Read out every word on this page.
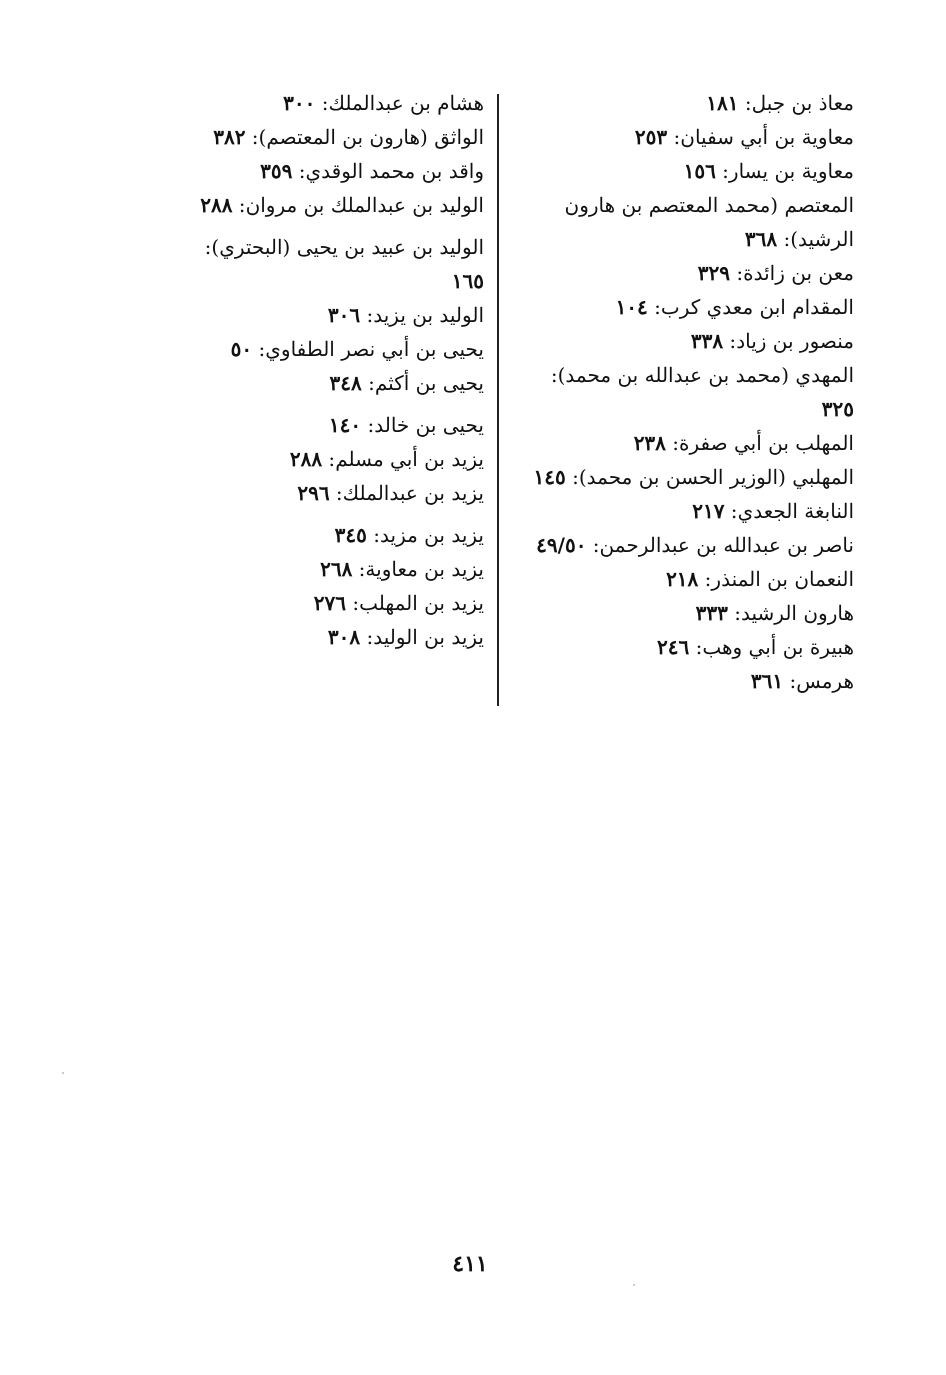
معاذ بن جبل: ١٨١

معاوية بن أبي سفيان: ٢٥٣

معاوية بن يسار: ١٥٦

المعتصم (محمد المعتصم بن هارون الرشيد): ٣٦٨

معن بن زائدة: ٣٢٩

المقدام ابن معدي كرب: ١٠٤

منصور بن زياد: ٣٣٨

المهدي (محمد بن عبدالله بن محمد): ٣٢٥

المهلب بن أبي صفرة: ٢٣٨

المهلبي (الوزير الحسن بن محمد): ١٤٥

النابغة الجعدي: ٢١٧

ناصر بن عبدالله بن عبدالرحمن: ٤٩/٥٠

النعمان بن المنذر: ٢١٨

هارون الرشيد: ٣٣٣

هبيرة بن أبي وهب: ٢٤٦

هرمس: ٣٦١

هشام بن عبدالملك: ٣٠٠

الواثق (هارون بن المعتصم): ٣٨٢

واقد بن محمد الوقدي: ٣٥٩

الوليد بن عبدالملك بن مروان: ٢٨٨

الوليد بن عبيد بن يحيى (البحتري): ١٦٥

الوليد بن يزيد: ٣٠٦

يحيى بن أبي نصر الطفاوي: ٥٠

يحيى بن أكثم: ٣٤٨

يحيى بن خالد: ١٤٠

يزيد بن أبي مسلم: ٢٨٨

يزيد بن عبدالملك: ٢٩٦

يزيد بن مزيد: ٣٤٥

يزيد بن معاوية: ٢٦٨

يزيد بن المهلب: ٢٧٦

يزيد بن الوليد: ٣٠٨

٤١١
